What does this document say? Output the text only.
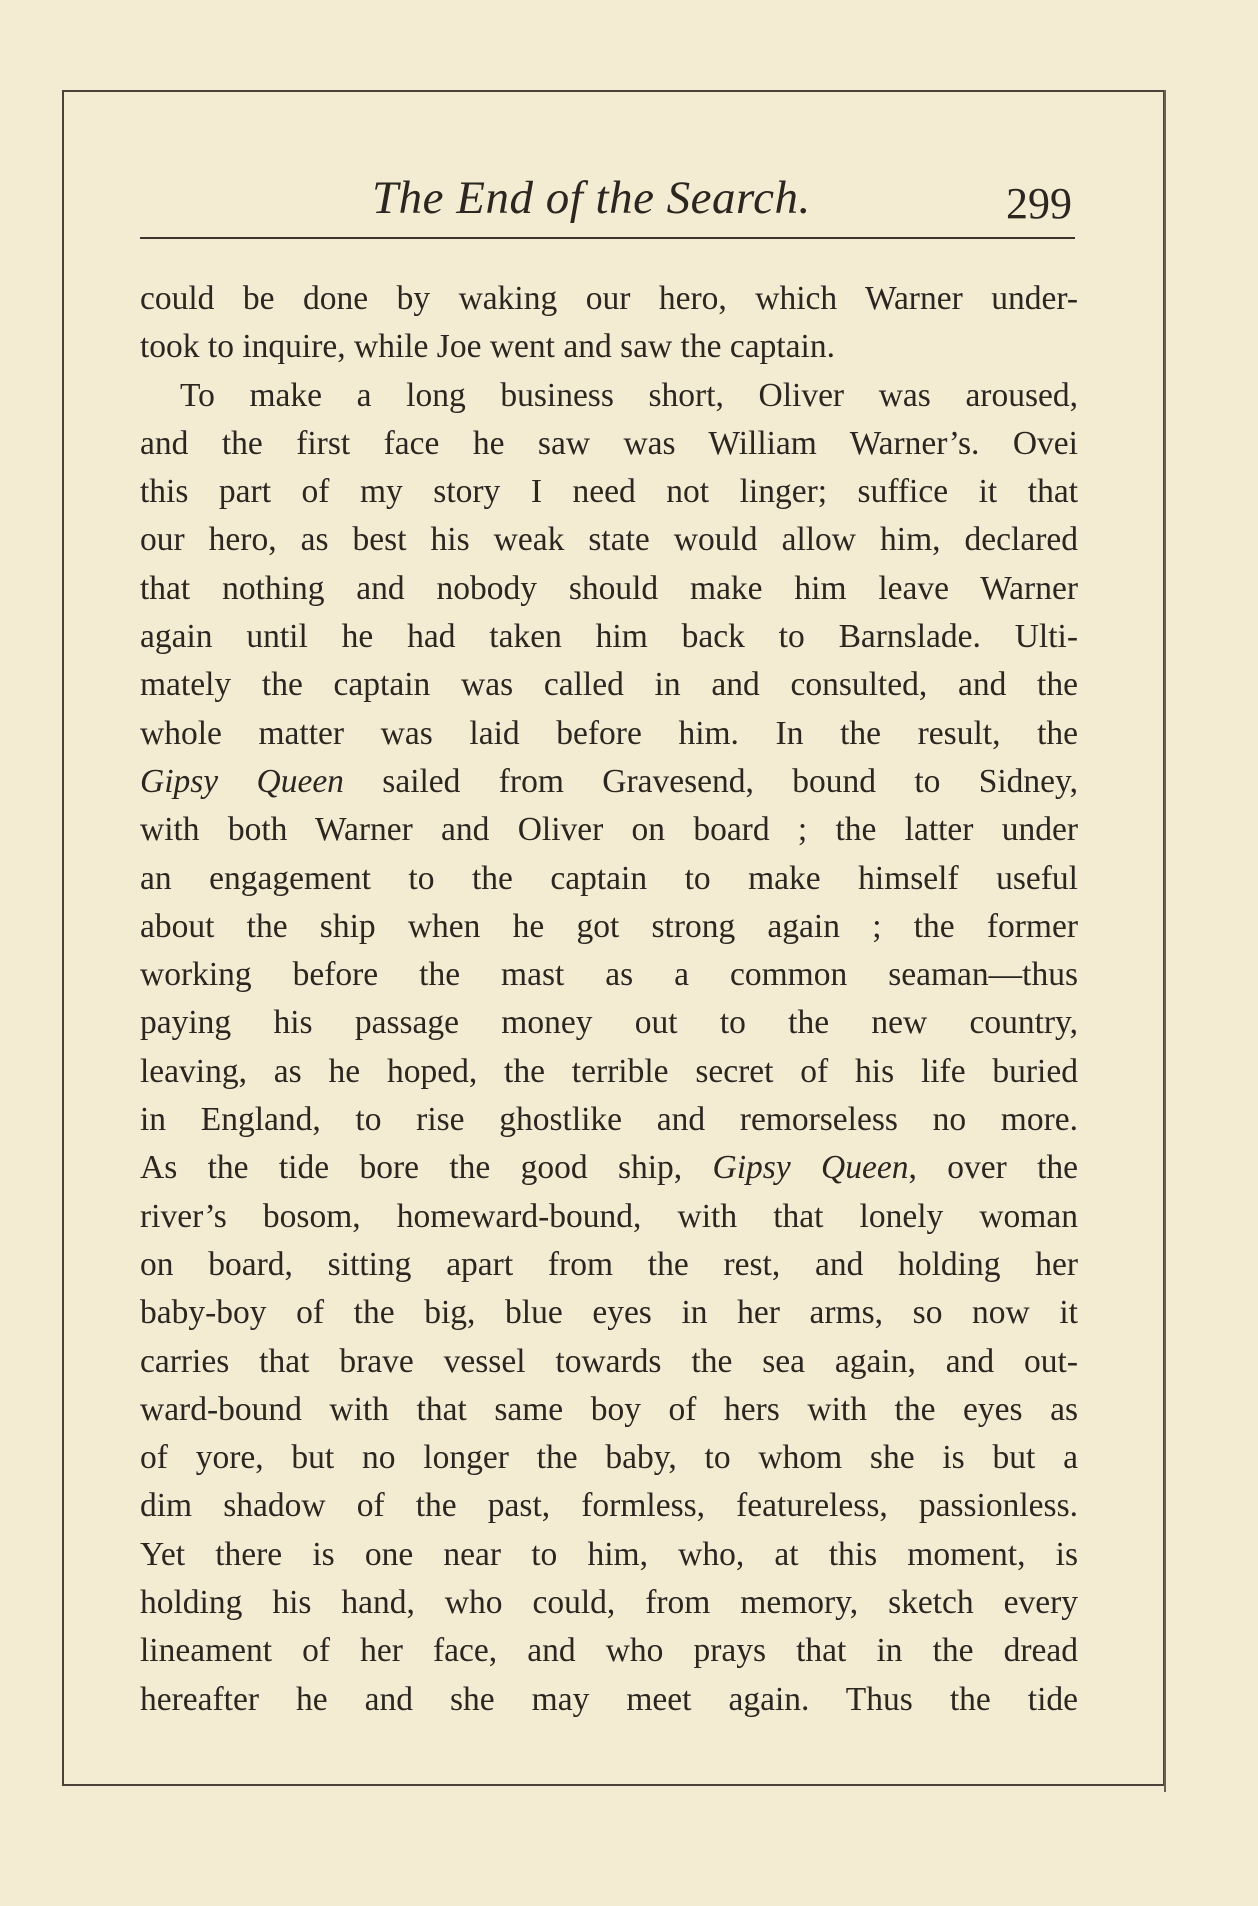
The End of the Search.	299
could be done by waking our hero, which Warner under-
took to inquire, while Joe went and saw the captain.
To make a long business short, Oliver was aroused,
and the first face he saw was William Warner’s. Ovei
this part of my story I need not linger; suffice it that
our hero, as best his weak state would allow him, declared
that nothing and nobody should make him leave Warner
again until he had taken him back to Barnslade. Ulti-
mately the captain was called in and consulted, and the
whole matter was laid before him. In the result, the
Gipsy Queen sailed from Gravesend, bound to Sidney,
with both Warner and Oliver on board ; the latter under
an engagement to the captain to make himself useful
about the ship when he got strong again ; the former
working before the mast as a common seaman—thus
paying his passage money out to the new country,
leaving, as he hoped, the terrible secret of his life buried
in England, to rise ghostlike and remorseless no more.
As the tide bore the good ship, Gipsy Queen, over the
river’s bosom, homeward-bound, with that lonely woman
on board, sitting apart from the rest, and holding her
baby-boy of the big, blue eyes in her arms, so now it
carries that brave vessel towards the sea again, and out-
ward-bound with that same boy of hers with the eyes as
of yore, but no longer the baby, to whom she is but a
dim shadow of the past, formless, featureless, passionless.
Yet there is one near to him, who, at this moment, is
holding his hand, who could, from memory, sketch every
lineament of her face, and who prays that in the dread
hereafter he and she may meet again. Thus the tide
